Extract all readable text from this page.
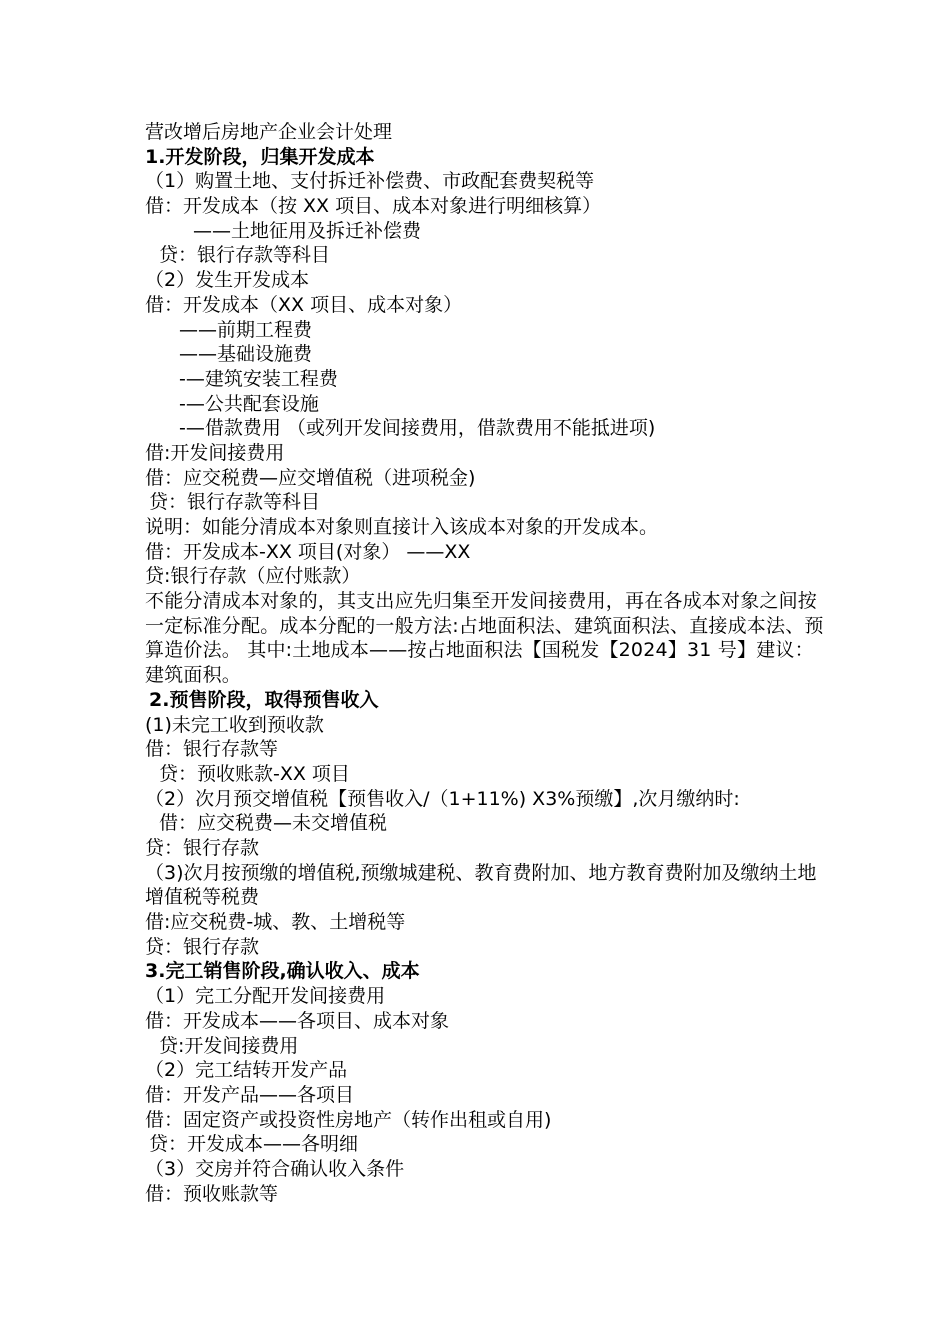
营改增后房地产企业会计处理
1.开发阶段，归集开发成本
（1）购置土地、支付拆迁补偿费、市政配套费契税等
借：开发成本（按 XX 项目、成本对象进行明细核算）
——土地征用及拆迁补偿费
贷：银行存款等科目
（2）发生开发成本
借：开发成本（XX 项目、成本对象）
——前期工程费
——基础设施费
-—建筑安装工程费
-—公共配套设施
-—借款费用 （或列开发间接费用，借款费用不能抵进项)
借:开发间接费用
借：应交税费—应交增值税（进项税金)
贷：银行存款等科目
说明：如能分清成本对象则直接计入该成本对象的开发成本。
借：开发成本-XX 项目(对象） ——XX
贷:银行存款（应付账款）
不能分清成本对象的，其支出应先归集至开发间接费用，再在各成本对象之间按一定标准分配。成本分配的一般方法:占地面积法、建筑面积法、直接成本法、预算造价法。 其中:土地成本——按占地面积法【国税发【2024】31 号】建议：建筑面积。
2.预售阶段，取得预售收入
(1)未完工收到预收款
借：银行存款等
贷：预收账款-XX 项目
（2）次月预交增值税【预售收入/（1+11%) X3%预缴】,次月缴纳时:
借：应交税费—未交增值税
贷：银行存款
（3)次月按预缴的增值税,预缴城建税、教育费附加、地方教育费附加及缴纳土地增值税等税费
借:应交税费-城、教、土增税等
贷：银行存款
3.完工销售阶段,确认收入、成本
（1）完工分配开发间接费用
借：开发成本——各项目、成本对象
贷:开发间接费用
（2）完工结转开发产品
借：开发产品——各项目
借：固定资产或投资性房地产（转作出租或自用)
贷：开发成本——各明细
（3）交房并符合确认收入条件
借：预收账款等
